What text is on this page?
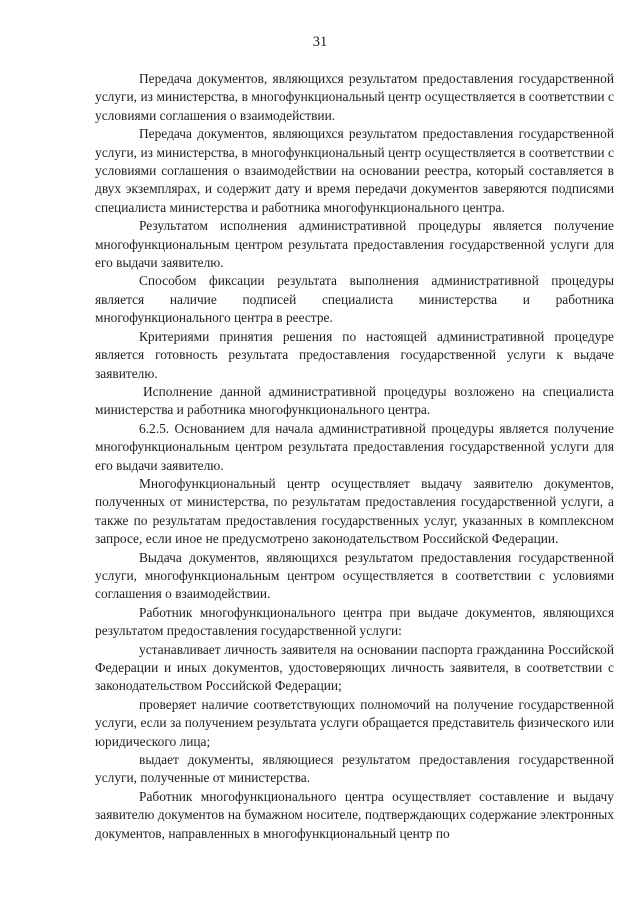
31

Передача документов, являющихся результатом предоставления государственной услуги, из министерства, в многофункциональный центр осуществляется в соответствии с условиями соглашения о взаимодействии.

Передача документов, являющихся результатом предоставления государственной услуги, из министерства, в многофункциональный центр осуществляется в соответствии с условиями соглашения о взаимодействии на основании реестра, который составляется в двух экземплярах, и содержит дату и время передачи документов заверяются подписями специалиста министерства и работника многофункционального центра.

Результатом исполнения административной процедуры является получение многофункциональным центром результата предоставления государственной услуги для его выдачи заявителю.

Способом фиксации результата выполнения административной процедуры является наличие подписей специалиста министерства и работника многофункционального центра в реестре.

Критериями принятия решения по настоящей административной процедуре является готовность результата предоставления государственной услуги к выдаче заявителю.

Исполнение данной административной процедуры возложено на специалиста министерства и работника многофункционального центра.

6.2.5. Основанием для начала административной процедуры является получение многофункциональным центром результата предоставления государственной услуги для его выдачи заявителю.

Многофункциональный центр осуществляет выдачу заявителю документов, полученных от министерства, по результатам предоставления государственной услуги, а также по результатам предоставления государственных услуг, указанных в комплексном запросе, если иное не предусмотрено законодательством Российской Федерации.

Выдача документов, являющихся результатом предоставления государственной услуги, многофункциональным центром осуществляется в соответствии с условиями соглашения о взаимодействии.

Работник многофункционального центра при выдаче документов, являющихся результатом предоставления государственной услуги:

устанавливает личность заявителя на основании паспорта гражданина Российской Федерации и иных документов, удостоверяющих личность заявителя, в соответствии с законодательством Российской Федерации;

проверяет наличие соответствующих полномочий на получение государственной услуги, если за получением результата услуги обращается представитель физического или юридического лица;

выдает документы, являющиеся результатом предоставления государственной услуги, полученные от министерства.

Работник многофункционального центра осуществляет составление и выдачу заявителю документов на бумажном носителе, подтверждающих содержание электронных документов, направленных в многофункциональный центр по
